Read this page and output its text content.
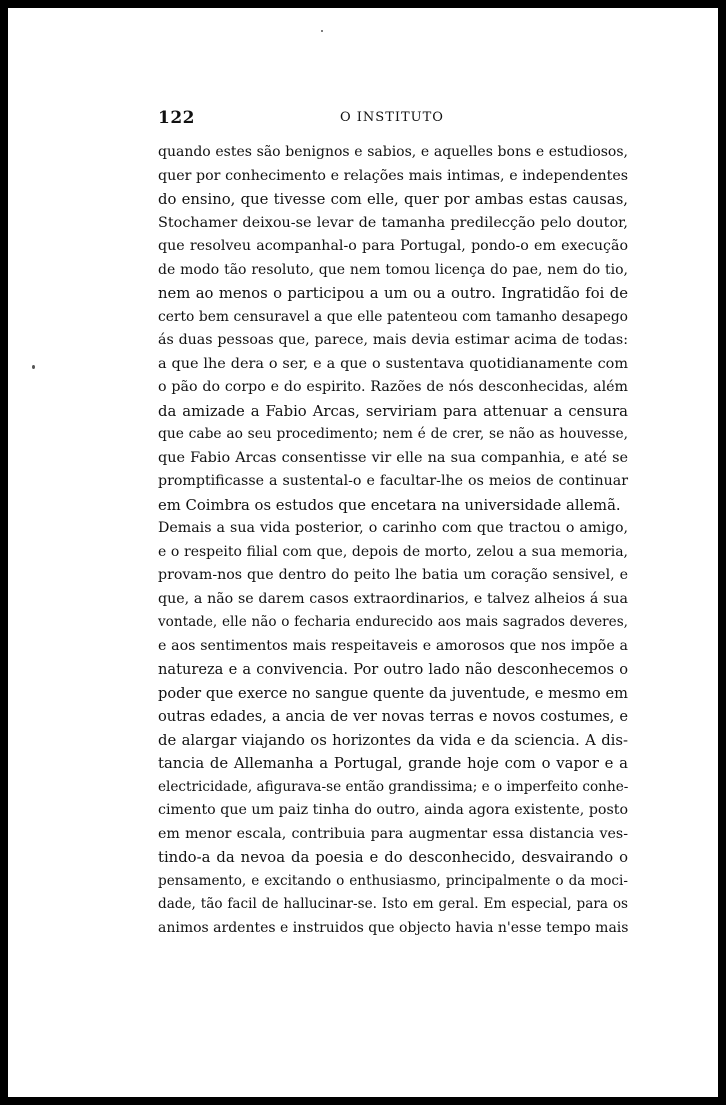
122	O INSTITUTO
quando estes são benignos e sabios, e aquelles bons e estudiosos,
quer por conhecimento e relações mais intimas, e independentes
do ensino, que tivesse com elle, quer por ambas estas causas,
Stochamer deixou-se levar de tamanha predilecção pelo doutor,
que resolveu acompanhal-o para Portugal, pondo-o em execução
de modo tão resoluto, que nem tomou licença do pae, nem do tio,
nem ao menos o participou a um ou a outro. Ingratidão foi de
certo bem censuravel a que elle patenteou com tamanho desapego
ás duas pessoas que, parece, mais devia estimar acima de todas:
a que lhe dera o ser, e a que o sustentava quotidianamente com
o pão do corpo e do espirito. Razões de nós desconhecidas, além
da amizade a Fabio Arcas, serviriam para attenuar a censura
que cabe ao seu procedimento; nem é de crer, se não as houvesse,
que Fabio Arcas consentisse vir elle na sua companhia, e até se
promptificasse a sustental-o e facultar-lhe os meios de continuar
em Coimbra os estudos que encetara na universidade allemã.
Demais a sua vida posterior, o carinho com que tractou o amigo,
e o respeito filial com que, depois de morto, zelou a sua memoria,
provam-nos que dentro do peito lhe batia um coração sensivel, e
que, a não se darem casos extraordinarios, e talvez alheios á sua
vontade, elle não o fecharia endurecido aos mais sagrados deveres,
e aos sentimentos mais respeitaveis e amorosos que nos impõe a
natureza e a convivencia. Por outro lado não desconhecemos o
poder que exerce no sangue quente da juventude, e mesmo em
outras edades, a ancia de ver novas terras e novos costumes, e
de alargar viajando os horizontes da vida e da sciencia. A dis-
tancia de Allemanha a Portugal, grande hoje com o vapor e a
electricidade, afigurava-se então grandissima; e o imperfeito conhe-
cimento que um paiz tinha do outro, ainda agora existente, posto
em menor escala, contribuia para augmentar essa distancia ves-
tindo-a da nevoa da poesia e do desconhecido, desvairando o
pensamento, e excitando o enthusiasmo, principalmente o da moci-
dade, tão facil de hallucinar-se. Isto em geral. Em especial, para os
animos ardentes e instruidos que objecto havia n'esse tempo mais
